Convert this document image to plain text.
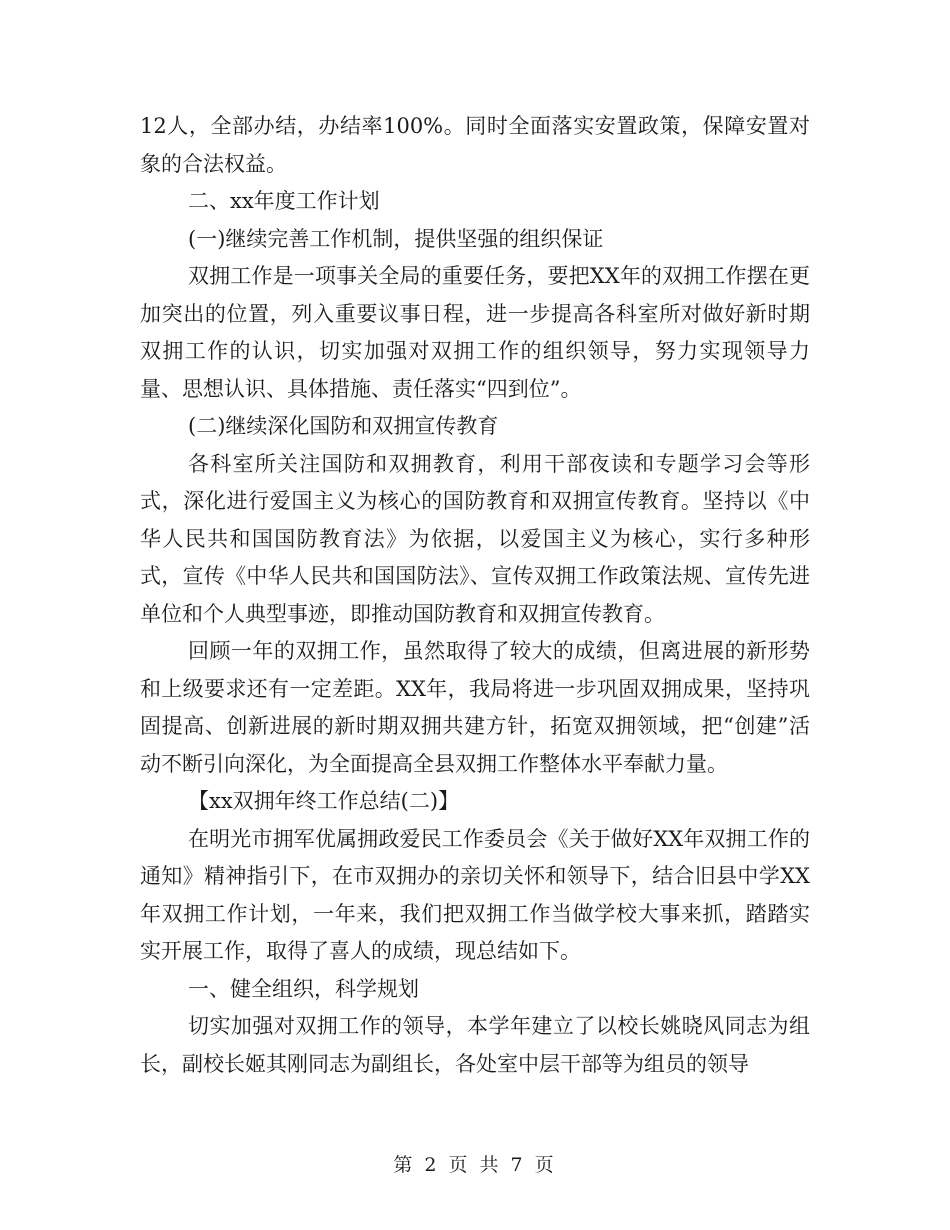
12人，全部办结，办结率100%。同时全面落实安置政策，保障安置对象的合法权益。

二、xx年度工作计划

(一)继续完善工作机制，提供坚强的组织保证

双拥工作是一项事关全局的重要任务，要把XX年的双拥工作摆在更加突出的位置，列入重要议事日程，进一步提高各科室所对做好新时期双拥工作的认识，切实加强对双拥工作的组织领导，努力实现领导力量、思想认识、具体措施、责任落实“四到位”。

(二)继续深化国防和双拥宣传教育

各科室所关注国防和双拥教育，利用干部夜读和专题学习会等形式，深化进行爱国主义为核心的国防教育和双拥宣传教育。坚持以《中华人民共和国国防教育法》为依据，以爱国主义为核心，实行多种形式，宣传《中华人民共和国国防法》、宣传双拥工作政策法规、宣传先进单位和个人典型事迹，即推动国防教育和双拥宣传教育。

回顾一年的双拥工作，虽然取得了较大的成绩，但离进展的新形势和上级要求还有一定差距。XX年，我局将进一步巩固双拥成果，坚持巩固提高、创新进展的新时期双拥共建方针，拓宽双拥领域，把“创建”活动不断引向深化，为全面提高全县双拥工作整体水平奉献力量。

【xx双拥年终工作总结(二)】

在明光市拥军优属拥政爱民工作委员会《关于做好XX年双拥工作的通知》精神指引下，在市双拥办的亲切关怀和领导下，结合旧县中学XX年双拥工作计划，一年来，我们把双拥工作当做学校大事来抓，踏踏实实开展工作，取得了喜人的成绩，现总结如下。

一、健全组织，科学规划

切实加强对双拥工作的领导，本学年建立了以校长姚晓风同志为组长，副校长姬其刚同志为副组长，各处室中层干部等为组员的领导

第 2 页 共 7 页
